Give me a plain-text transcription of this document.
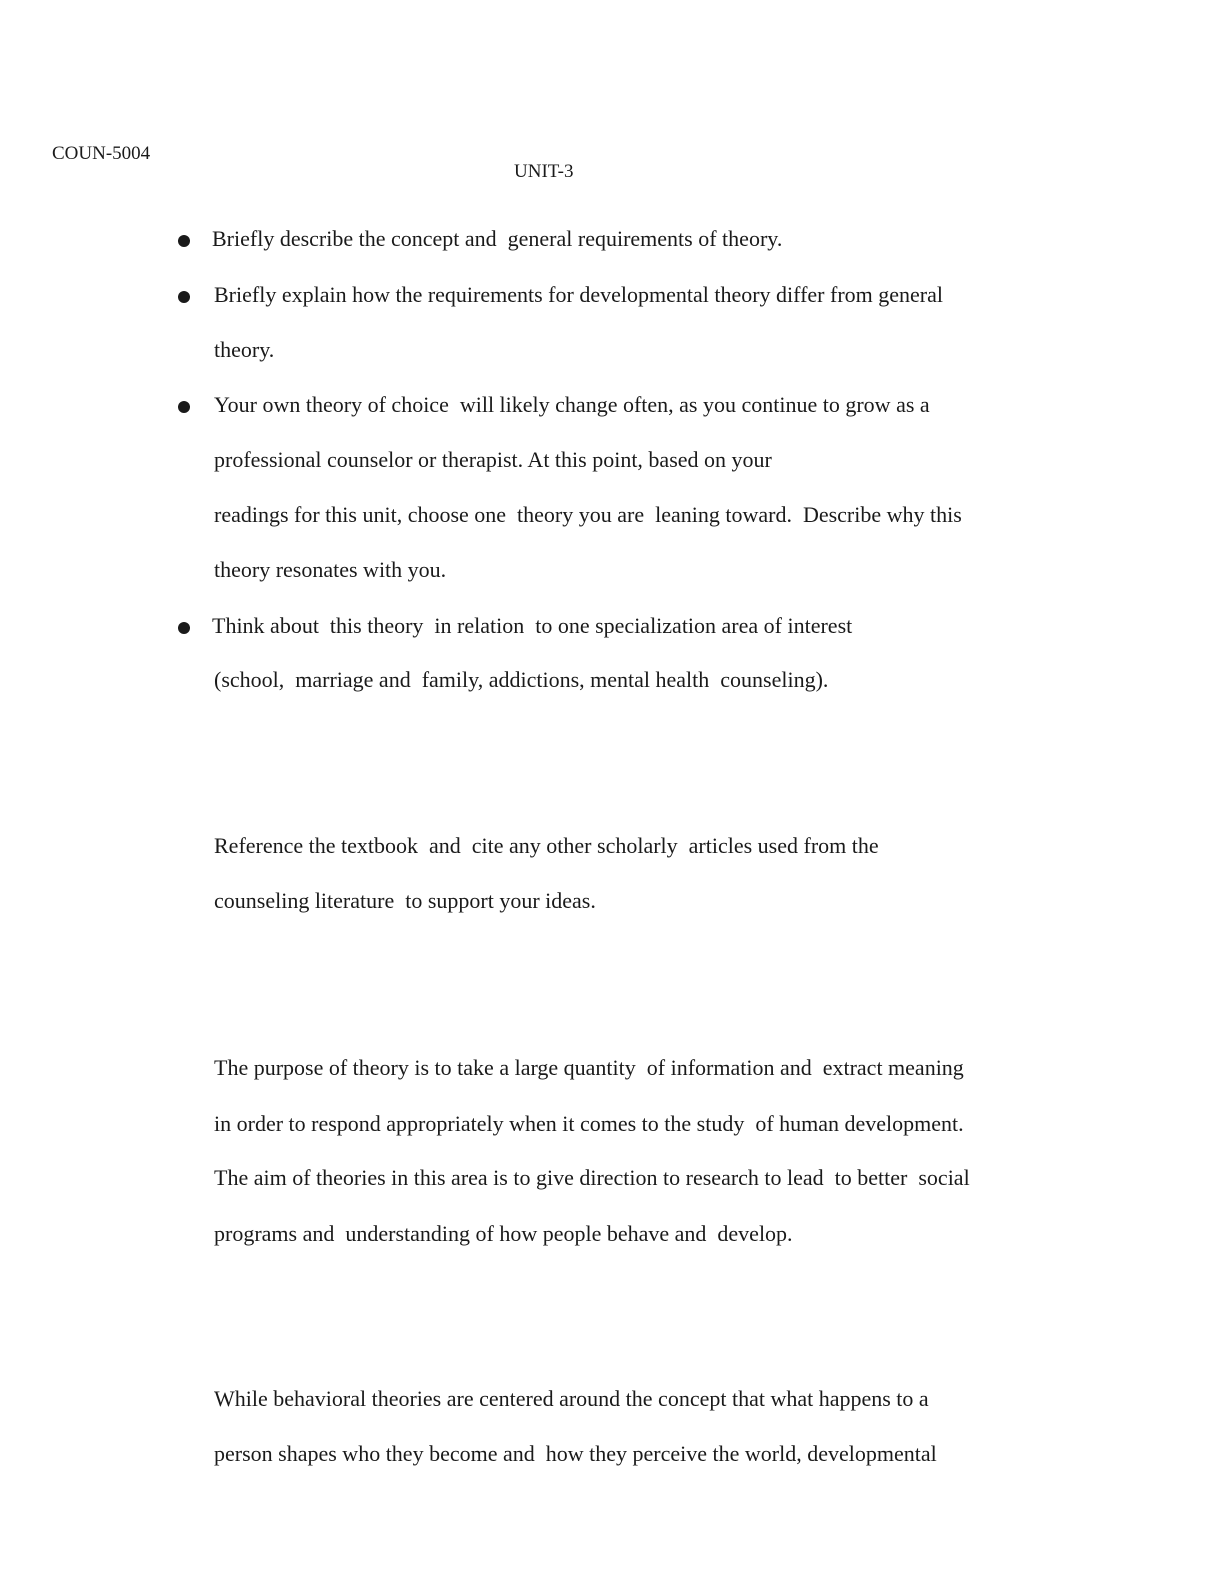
COUN-5004
UNIT-3
Briefly describe the concept and  general requirements of theory.
Briefly explain how the requirements for developmental theory differ from general
theory.
Your own theory of choice  will likely change often, as you continue to grow as a
professional counselor or therapist. At this point, based on your
readings for this unit, choose one  theory you are  leaning toward.  Describe why this
theory resonates with you.
Think about  this theory  in relation  to one specialization area of interest
(school,  marriage and  family, addictions, mental health  counseling).
Reference the textbook  and  cite any other scholarly  articles used from the
counseling literature  to support your ideas.
The purpose of theory is to take a large quantity  of information and  extract meaning
in order to respond appropriately when it comes to the study  of human development.
The aim of theories in this area is to give direction to research to lead  to better  social
programs and  understanding of how people behave and  develop.
While behavioral theories are centered around the concept that what happens to a
person shapes who they become and  how they perceive the world, developmental
